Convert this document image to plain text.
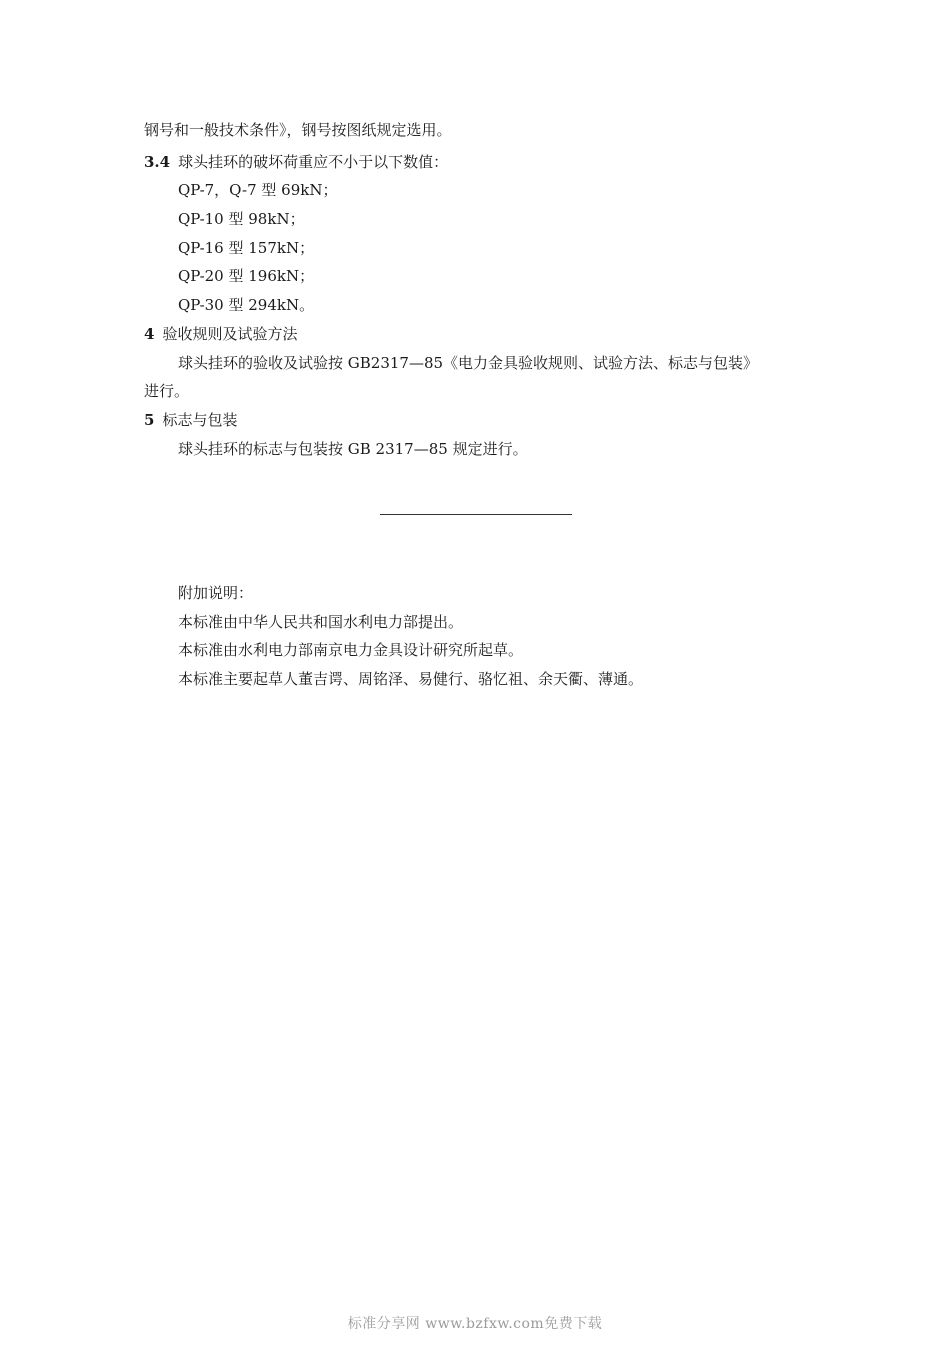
钢号和一般技术条件》，钢号按图纸规定选用。
3.4 球头挂环的破坏荷重应不小于以下数值：
QP-7，Q-7 型 69kN；
QP-10 型 98kN；
QP-16 型 157kN；
QP-20 型 196kN；
QP-30 型 294kN。
4 验收规则及试验方法
球头挂环的验收及试验按 GB2317—85《电力金具验收规则、试验方法、标志与包装》
进行。
5 标志与包装
球头挂环的标志与包装按 GB 2317—85 规定进行。
附加说明：
本标准由中华人民共和国水利电力部提出。
本标准由水利电力部南京电力金具设计研究所起草。
本标准主要起草人董吉谔、周铭泽、易健行、骆忆祖、余天衢、薄通。
标准分享网 www.bzfxw.com免费下载
